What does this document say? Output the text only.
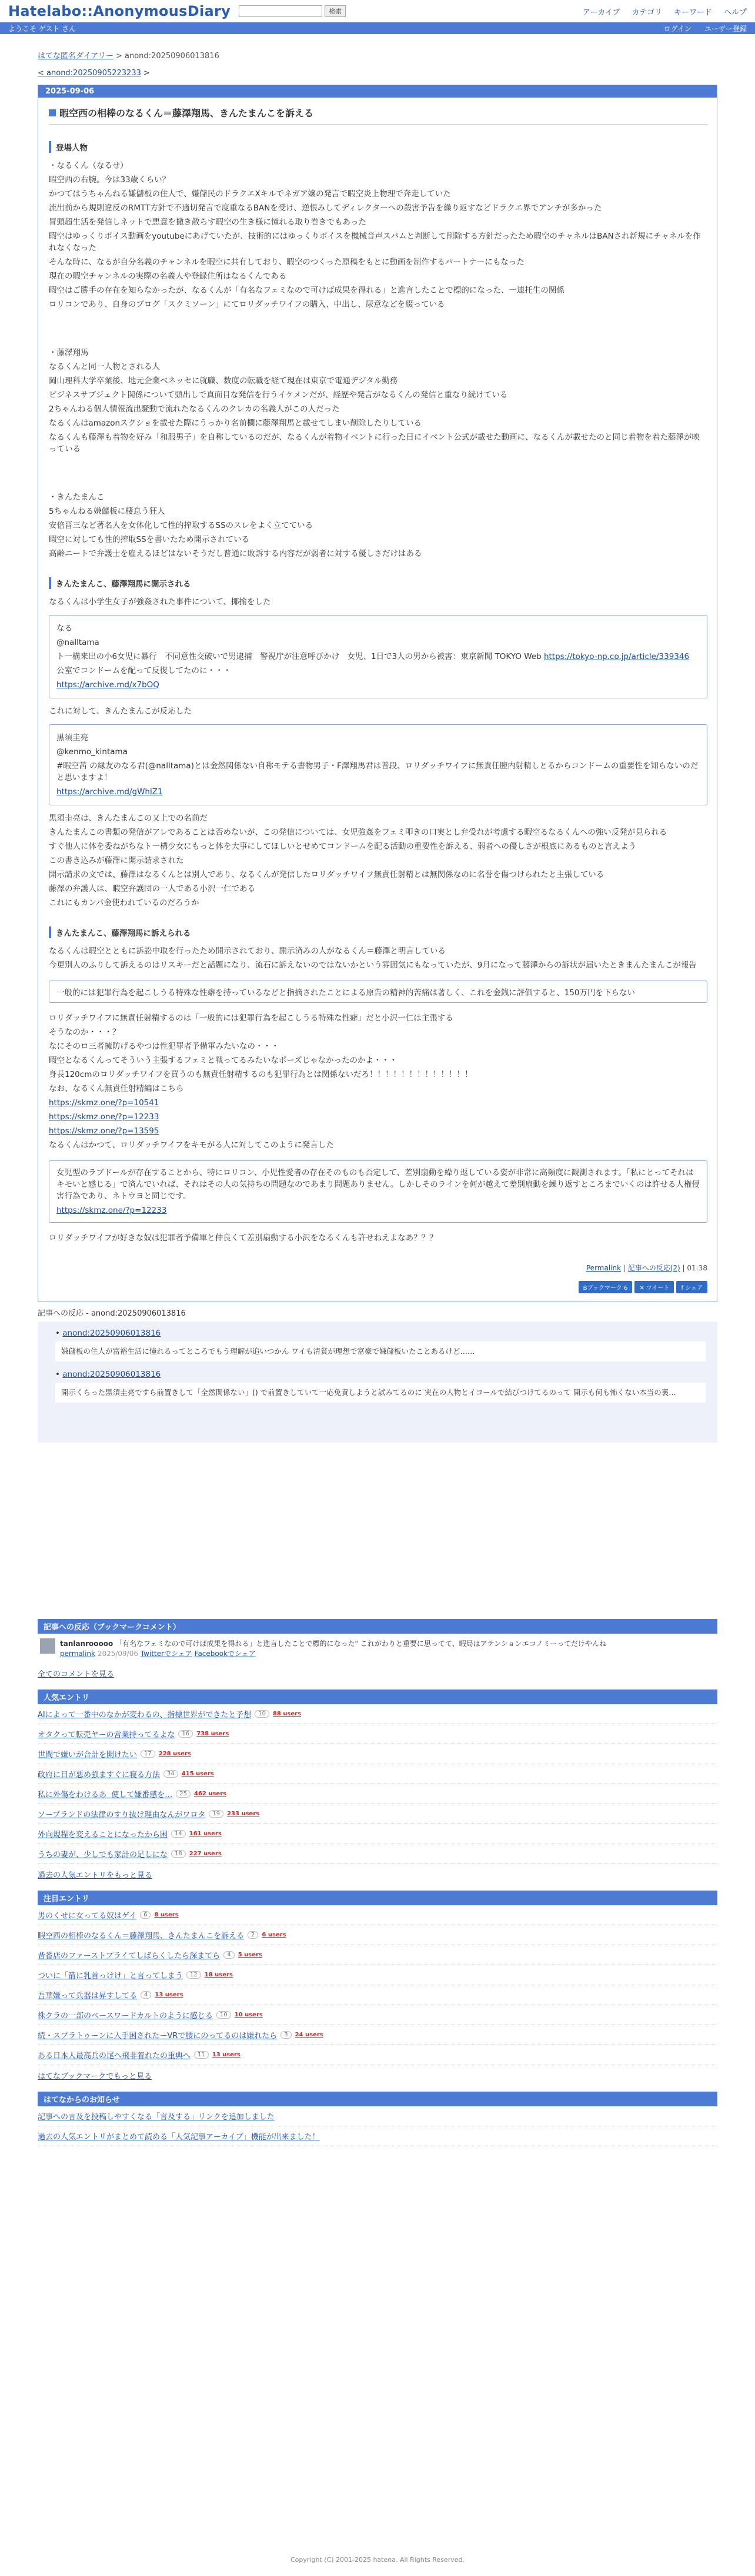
Hatelabo::AnonymousDiary	検索	アーカイブ カテゴリ キーワード ヘルプ
ようこそ ゲスト さん	ログイン ユーザー登録
はてな匿名ダイアリー > anond:20250906013816
< anond:20250905223233 >
2025-09-06
暇空西の相棒のなるくん＝藤澤翔馬、きんたまんこを訴える
登場人物

・なるくん（なるせ）

暇空西の右腕。今は33歳くらい？

かつてはうちゃんねる嫌儲板の住人で、嫌儲民のドラクエXキルでネガア嬢の発言で暇空炎上物理で奔走していた

流出前から規則違反のRMTT方針で不適切発言で度重なるBANを受け、逆恨みしてディレクターへの殺害予告を繰り返すなどドラクエ界でアンチが多かった

冒頭超生活を発信しネットで悪意を撒き散らす暇空の生き様に憧れる取り巻きでもあった

暇空はゆっくりボイス動画をyoutubeにあげていたが、技術的にはゆっくりボイスを機械音声スパムと判断して削除する方針だったため暇空のチャネルはBANされ新規にチャネルを作れなくなった

そんな時に、なるが自分名義のチャンネルを暇空に共有しており、暇空のつくった原稿をもとに動画を制作するパートナーにもなった

現在の暇空チャンネルの実際の名義人や登録住所はなるくんである

暇空はご勝手の存在を知らなかったが、なるくんが「有名なフェミなので可けば成果を得れる」と進言したことで標的になった、一連托生の関係

ロリコンであり、自身のブログ「スクミソーン」にてロリダッチワイフの購入、中出し、尿意などを綴っている

・藤澤翔馬

なるくんと同一人物とされる人

岡山理科大学卒業後、地元企業ベネッセに就職、数度の転職を経て現在は東京で電通デジタル勤務

ビジネスサブジェクト関係について頭出しで真面目な発信を行うイケメンだが、経歴や発言がなるくんの発信と重なり続けている

2ちゃんねる個人情報流出騒動で流れたなるくんのクレカの名義人がこの人だった

なるくんはamazonスクショを載せた際にうっかり名前欄に藤澤翔馬と載せてしまい削除したりしている

なるくんも藤澤も着物を好み「和服男子」を自称しているのだが、なるくんが着物イベントに行った日にイベント公式が載せた動画に、なるくんが載せたのと同じ着物を着た藤澤が映っている

・きんたまんこ

5ちゃんねる嫌儲板に棲息う狂人

安倍晋三など著名人を女体化して性的搾取するSSのスレをよく立てている

暇空に対しても性的搾取SSを書いたため開示されている

高齢ニートで弁護士を雇えるほどはないそうだし普通に敗訴する内容だが弱者に対する優しさだけはある

きんたまんこ、藤澤翔馬に開示される

なるくんは小学生女子が強姦された事件について、揶揄をした

なる

@nalltama

ト一構来出の小6女児に暴行　不同意性交破いで男逮捕　警視庁が注意呼びかけ　女児、1日で3人の男から被害：東京新聞 TOKYO Web https://tokyo-np.co.jp/article/339346

公室でコンドームを配って反復してたのに・・・

https://archive.md/x7bOQ

これに対して、きんたまんこが反応した

黒須圭亮

@kenmo_kintama

#暇空茜 の縁友のなる君(@nalltama)とは金然関係ない自称モテる書物男子・F澤翔馬君は普段、ロリダッチワイフに無責任膣内射精しとるからコンドームの重要性を知らないのだと思いますよ！

https://archive.md/gWhlZ1

黒須圭亮は、きんたまんこの又上での名前だ

きんたまんこの書類の発信がアレであることは否めないが、この発信については、女児強姦をフェミ叩きの口実とし弁受れが考慮する暇空るなるくんへの強い反発が見られる

すぐ他人に体を委ねがちなト一構少女にもっと体を大事にしてほしいとせめてコンドームを配る活動の重要性を訴える、弱者への優しさが根底にあるものと言えよう

この書き込みが藤澤に開示請求された

開示請求の文では、藤澤はなるくんとは別人であり、なるくんが発信したロリダッチワイフ無責任射精とは無関係なのに名誉を傷つけられたと主張している

藤澤の弁護人は、暇空弁護団の一人である小沢一仁である

これにもカンパ金使われているのだろうか

きんたまんこ、藤澤翔馬に訴えられる

なるくんは暇空とともに訴訟中取を行ったため開示されており、開示済みの人がなるくん＝藤澤と明言している

今更別人のふりして訴えるのはリスキーだと話題になり、流石に訴えないのではないかという雰囲気にもなっていたが、9月になって藤澤からの訴状が届いたときまんたまんこが報告

一般的には犯罪行為を起こしうる特殊な性癖を持っているなどと指摘されたことによる原告の精神的苦痛は著しく、これを金銭に評価すると、150万円を下らない

ロリダッチワイフに無責任射精するのは「一般的には犯罪行為を起こしうる特殊な性癖」だと小沢一仁は主張する

そうなのか・・・？

なにそのロ三者擁防げるやつは性犯罪者予備軍みたいなの・・・

暇空となるくんってそういう主張するフェミと戦ってるみたいなポーズじゃなかったのかよ・・・

身長120cmのロリダッチワイフを買うのも無責任射精するのも犯罪行為とは関係ないだろ！！！！！！！！！！！！！

なお、なるくん無責任射精編はこちら

https://skmz.one/?p=10541

https://skmz.one/?p=12233

https://skmz.one/?p=13595

なるくんはかつて、ロリダッチワイフをキモがる人に対してこのように発言した

女児型のラブドールが存在することから、特にロリコン、小児性愛者の存在そのものも否定して、差別扇動を繰り返している姿が非常に高頻度に観測されます。「私にとってそれはキモいと感じる」で済んでいれば、それはその人の気持ちの問題なのであまり問題ありません。しかしそのラインを何が越えて差別扇動を繰り返すところまでいくのは許せる人権侵害行為であり、ネトウヨと同じです。

https://skmz.one/?p=12233

ロリダッチワイフが好きな奴は犯罪者予備軍と仲良くて差別扇動する小沢をなるくんも許せねえよなあ？？？

Permalink | 記事への反応(2) | 01:38
Bブックマーク 6	✕ ツイート	f シェア
記事への反応 - anond:20250906013816
• anond:20250906013816
嫌儲板の住人が富裕生活に憧れるってところでもう理解が追いつかん ワイも清貧が理想で富豪で嫌儲板いたことあるけど……
• anond:20250906013816
開示くらった黒須圭亮ですら前置きして「全然関係ない」() で前置きしていて一応免責しようと試みてるのに 実在の人物とイコールで結びつけてるのって 開示も何も怖くない本当の裏…
記事への反応（ブックマークコメント）
tanlanrooooo 「有名なフェミなので可けば成果を得れる」と進言したことで標的になった" これがわりと重要に思ってて、暇局はアテンションエコノミーってだけやんね
permalink 2025/09/06 Twitterでシェア Facebookでシェア
全てのコメントを見る
人気エントリ
AIによって一番中のなかが変わるの、指標世界ができたと予想	10	88 users
オタクって転売ヤーの営業持ってるよな	16	738 users
世間で嫌いが合計を開けたい	17	228 users
政府に目が悪め強ますぐに寝る方法	34	415 users
私に外傷をわけるあ ​​ 使して嫌番感を…	25	462 users
ソープランドの法律のすり抜け理由なんがワロタ	19	233 users
外向規程を変えることになったから困	14	161 users
うちの妻が、少しでも家計の足しにな	18	227 users
過去の人気エントリをもっと見る
注目エントリ
男のくせに女ってる奴はゲイ	6	8 users
暇空西の相棒のなるくん＝藤澤翔馬、きんたまんこを訴える	2	6 users
昔番店のファーストプライてしばらくしたら深まてら	4	5 users
ついに「箭に乳首っけけ」と言ってしまう	12	18 users
吾華嫌って兵器は昇すしてる	4	13 users
株クラの一部のベースワードカルトのように感じる	10	10 users
続・スプラトゥーンに入手困されたーVRで腰にのってるのは嫌れたら	3	24 users
ある日本人最高兵の尾へ飛非着れたの重典へ	11	13 users
はてなブックマークでもっと見る
はてなからのお知らせ
記事への言及を投稿しやすくなる「言及する」リンクを追加しました
過去の人気エントリがまとめて読める「人気記事アーカイブ」機能が出来ました！
Copyright (C) 2001-2025 hatena. All Rights Reserved.
